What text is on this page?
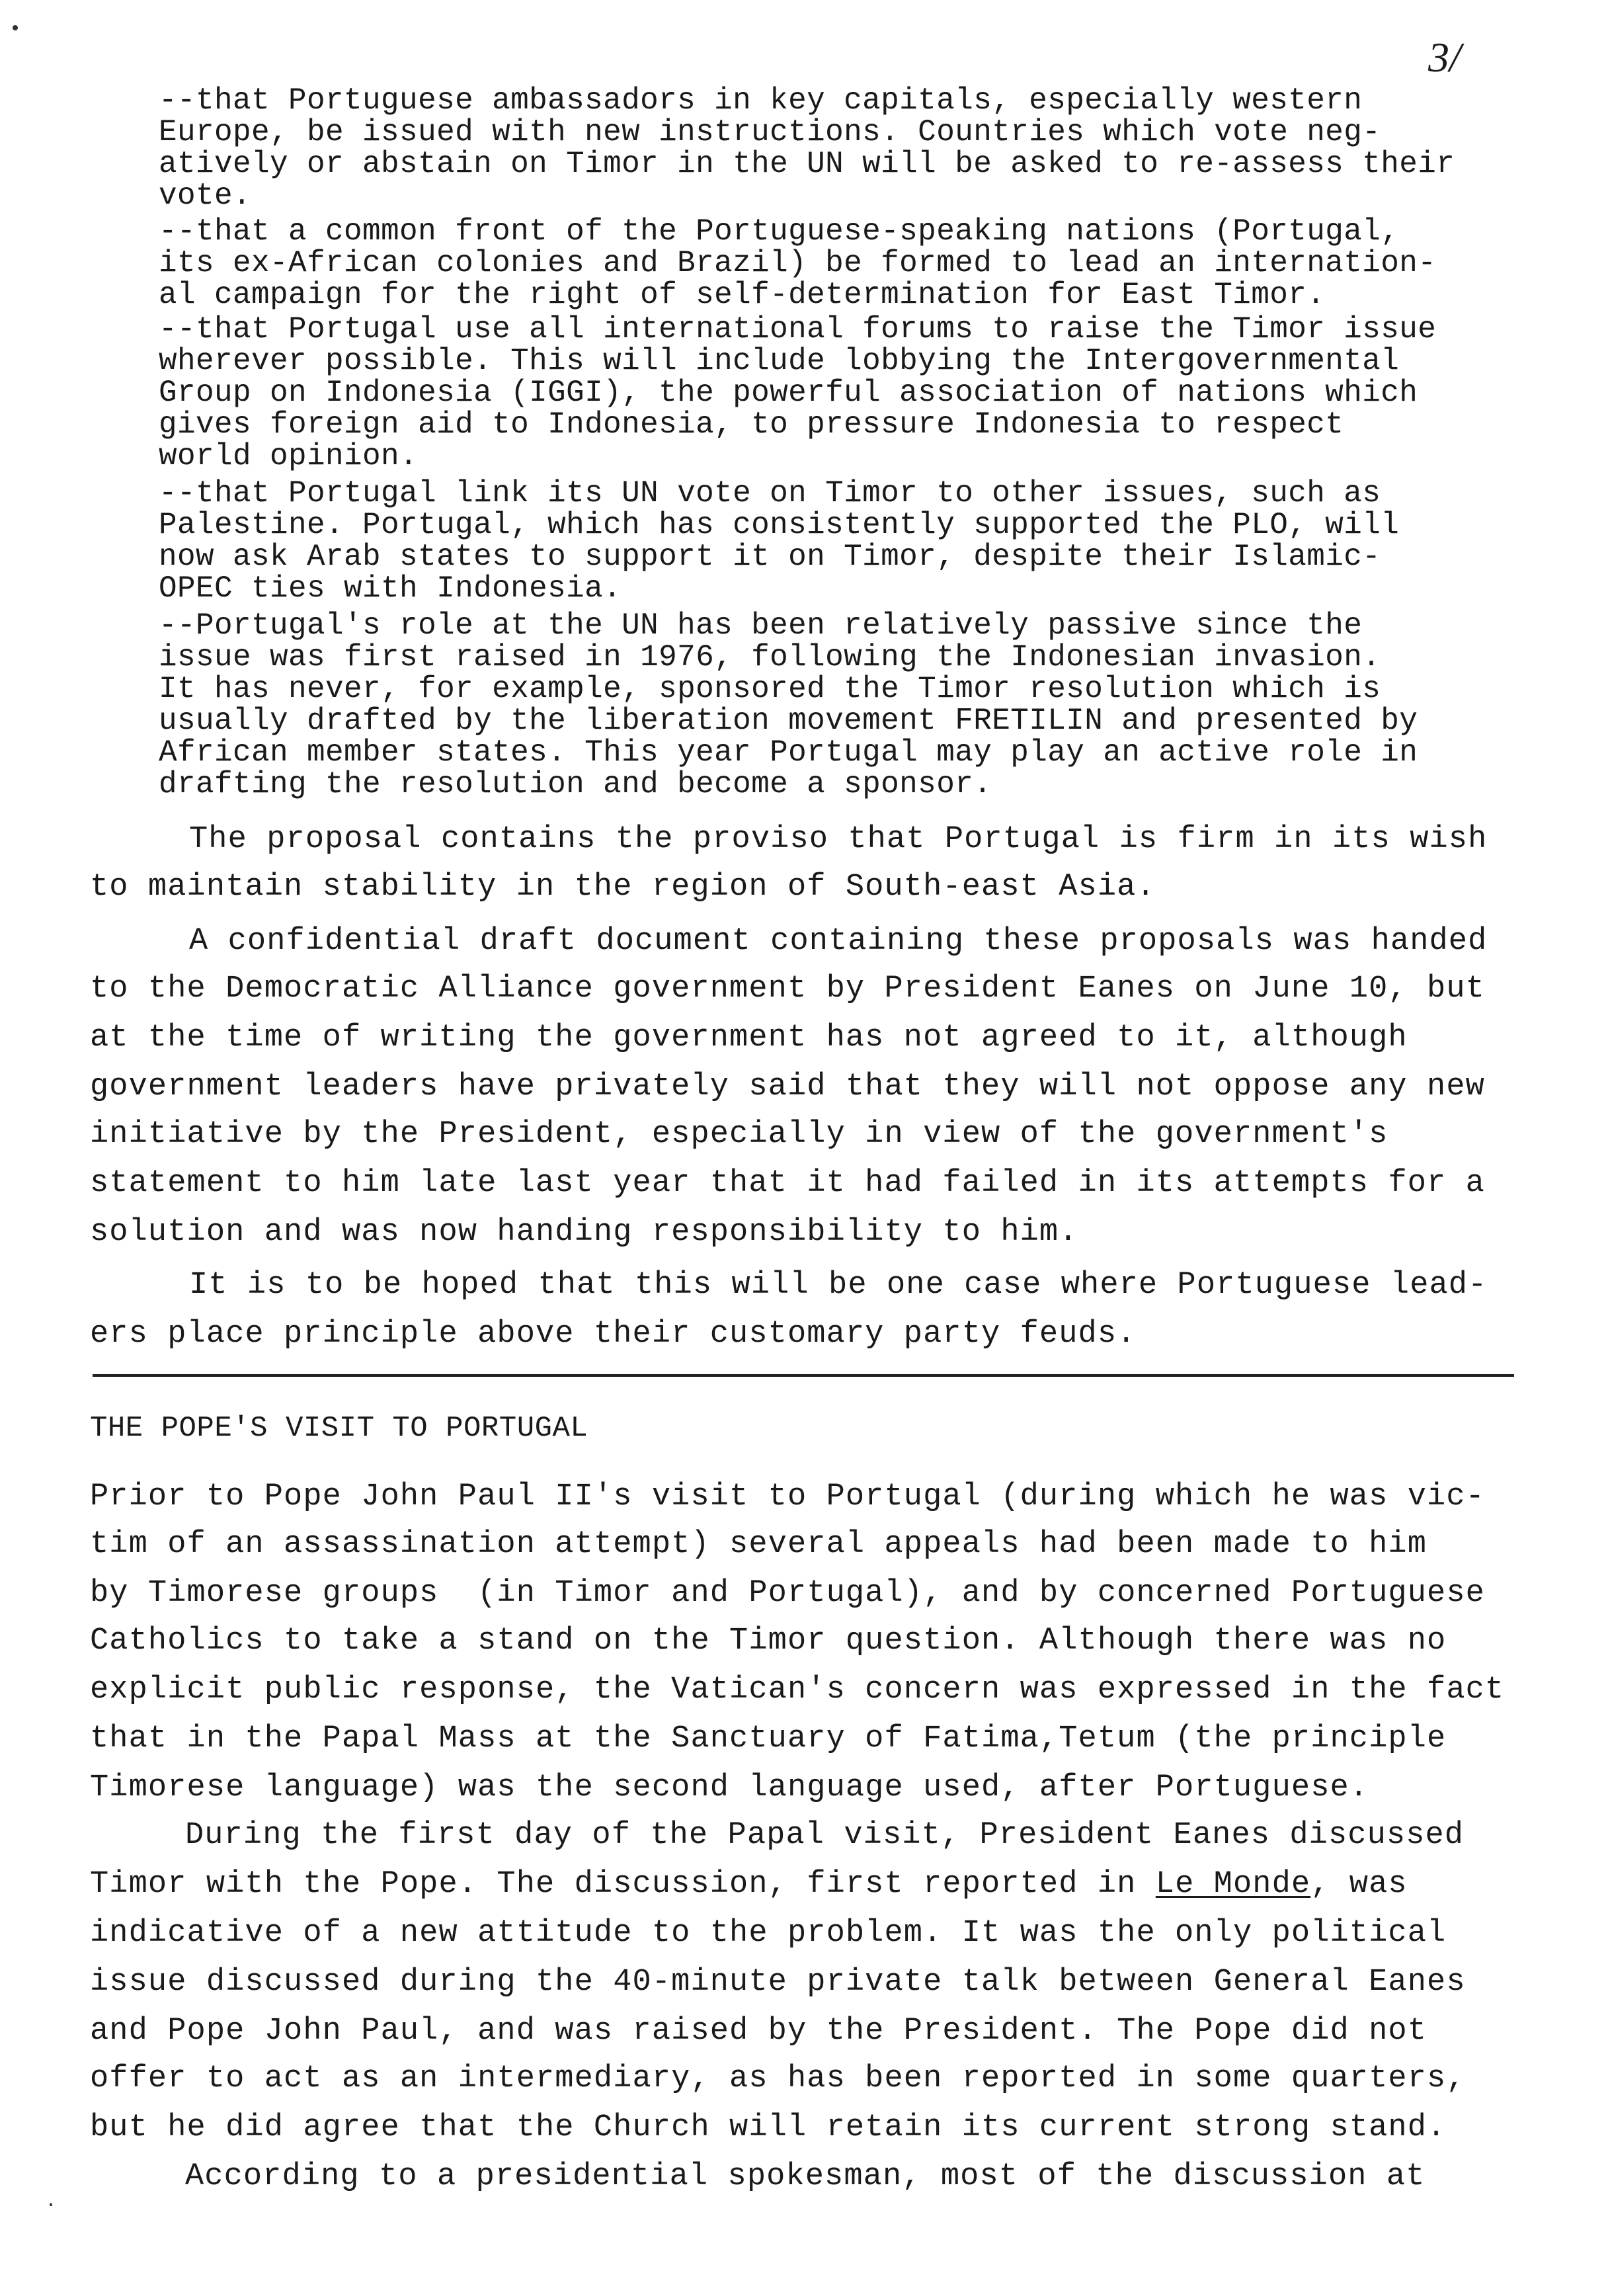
3/
--that Portuguese ambassadors in key capitals, especially western
Europe, be issued with new instructions. Countries which vote neg-
atively or abstain on Timor in the UN will be asked to re-assess their
vote.
--that a common front of the Portuguese-speaking nations (Portugal,
its ex-African colonies and Brazil) be formed to lead an internation-
al campaign for the right of self-determination for East Timor.
--that Portugal use all international forums to raise the Timor issue
wherever possible. This will include lobbying the Intergovernmental
Group on Indonesia (IGGI), the powerful association of nations which
gives foreign aid to Indonesia, to pressure Indonesia to respect
world opinion.
--that Portugal link its UN vote on Timor to other issues, such as
Palestine. Portugal, which has consistently supported the PLO, will
now ask Arab states to support it on Timor, despite their Islamic-
OPEC ties with Indonesia.
--Portugal's role at the UN has been relatively passive since the
issue was first raised in 1976, following the Indonesian invasion.
It has never, for example, sponsored the Timor resolution which is
usually drafted by the liberation movement FRETILIN and presented by
African member states. This year Portugal may play an active role in
drafting the resolution and become a sponsor.
The proposal contains the proviso that Portugal is firm in its wish
to maintain stability in the region of South-east Asia.
A confidential draft document containing these proposals was handed
to the Democratic Alliance government by President Eanes on June 10, but
at the time of writing the government has not agreed to it, although
government leaders have privately said that they will not oppose any new
initiative by the President, especially in view of the government's
statement to him late last year that it had failed in its attempts for a
solution and was now handing responsibility to him.
It is to be hoped that this will be one case where Portuguese lead-
ers place principle above their customary party feuds.
THE POPE'S VISIT TO PORTUGAL
Prior to Pope John Paul II's visit to Portugal (during which he was vic-
tim of an assassination attempt) several appeals had been made to him
by Timorese groups  (in Timor and Portugal), and by concerned Portuguese
Catholics to take a stand on the Timor question. Although there was no
explicit public response, the Vatican's concern was expressed in the fact
that in the Papal Mass at the Sanctuary of Fatima,Tetum (the principle
Timorese language) was the second language used, after Portuguese.
During the first day of the Papal visit, President Eanes discussed
indicative of a new attitude to the problem. It was the only political
issue discussed during the 40-minute private talk between General Eanes
and Pope John Paul, and was raised by the President. The Pope did not
offer to act as an intermediary, as has been reported in some quarters,
but he did agree that the Church will retain its current strong stand.
According to a presidential spokesman, most of the discussion at
Timor with the Pope. The discussion, first reported in Le Monde, was
•
·
